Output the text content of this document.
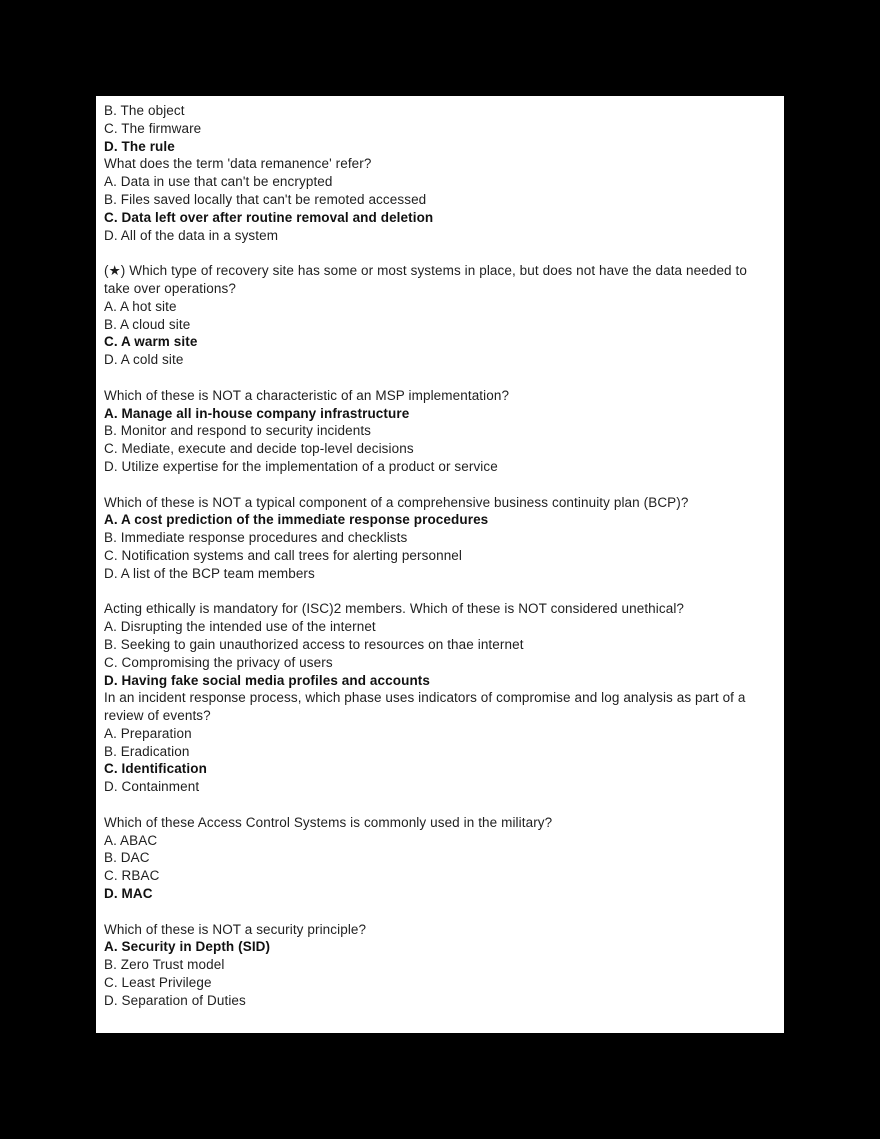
B. The object
C. The firmware
D. The rule
What does the term 'data remanence' refer?
A. Data in use that can't be encrypted
B. Files saved locally that can't be remoted accessed
C. Data left over after routine removal and deletion
D. All of the data in a system
(★) Which type of recovery site has some or most systems in place, but does not have the data needed to take over operations?
A. A hot site
B. A cloud site
C. A warm site
D. A cold site
Which of these is NOT a characteristic of an MSP implementation?
A. Manage all in-house company infrastructure
B. Monitor and respond to security incidents
C. Mediate, execute and decide top-level decisions
D. Utilize expertise for the implementation of a product or service
Which of these is NOT a typical component of a comprehensive business continuity plan (BCP)?
A. A cost prediction of the immediate response procedures
B. Immediate response procedures and checklists
C. Notification systems and call trees for alerting personnel
D. A list of the BCP team members
Acting ethically is mandatory for (ISC)2 members. Which of these is NOT considered unethical?
A. Disrupting the intended use of the internet
B. Seeking to gain unauthorized access to resources on thae internet
C. Compromising the privacy of users
D. Having fake social media profiles and accounts
In an incident response process, which phase uses indicators of compromise and log analysis as part of a review of events?
A. Preparation
B. Eradication
C. Identification
D. Containment
Which of these Access Control Systems is commonly used in the military?
A. ABAC
B. DAC
C. RBAC
D. MAC
Which of these is NOT a security principle?
A. Security in Depth (SID)
B. Zero Trust model
C. Least Privilege
D. Separation of Duties
